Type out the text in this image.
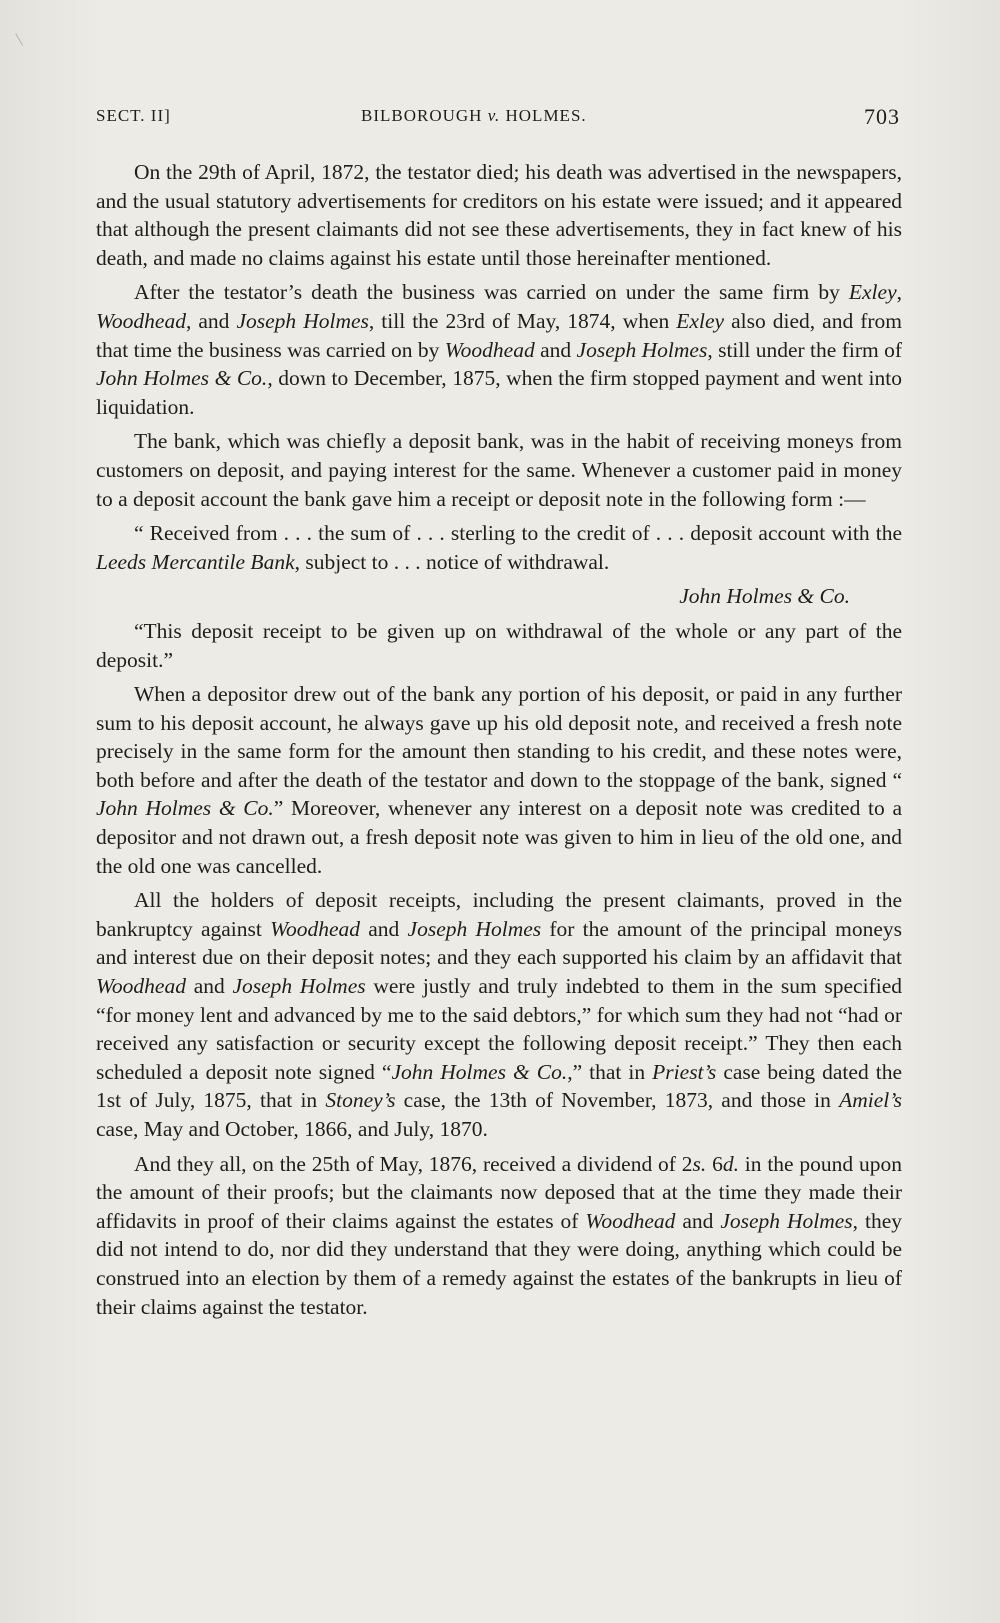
SECT. II]	BILBOROUGH v. HOLMES.	703

On the 29th of April, 1872, the testator died; his death was advertised in the newspapers, and the usual statutory advertisements for creditors on his estate were issued; and it appeared that although the present claimants did not see these advertisements, they in fact knew of his death, and made no claims against his estate until those hereinafter mentioned.

After the testator’s death the business was carried on under the same firm by Exley, Woodhead, and Joseph Holmes, till the 23rd of May, 1874, when Exley also died, and from that time the business was carried on by Woodhead and Joseph Holmes, still under the firm of John Holmes & Co., down to December, 1875, when the firm stopped payment and went into liquidation.

The bank, which was chiefly a deposit bank, was in the habit of receiving moneys from customers on deposit, and paying interest for the same. Whenever a customer paid in money to a deposit account the bank gave him a receipt or deposit note in the following form :—

“ Received from . . . the sum of . . . sterling to the credit of . . . deposit account with the Leeds Mercantile Bank, subject to . . . notice of withdrawal.

John Holmes & Co.

“This deposit receipt to be given up on withdrawal of the whole or any part of the deposit.”

When a depositor drew out of the bank any portion of his deposit, or paid in any further sum to his deposit account, he always gave up his old deposit note, and received a fresh note precisely in the same form for the amount then standing to his credit, and these notes were, both before and after the death of the testator and down to the stoppage of the bank, signed “ John Holmes & Co.” Moreover, whenever any interest on a deposit note was credited to a depositor and not drawn out, a fresh deposit note was given to him in lieu of the old one, and the old one was cancelled.

All the holders of deposit receipts, including the present claimants, proved in the bankruptcy against Woodhead and Joseph Holmes for the amount of the principal moneys and interest due on their deposit notes; and they each supported his claim by an affidavit that Woodhead and Joseph Holmes were justly and truly indebted to them in the sum specified “for money lent and advanced by me to the said debtors,” for which sum they had not “had or received any satisfaction or security except the following deposit receipt.” They then each scheduled a deposit note signed “John Holmes & Co.,” that in Priest’s case being dated the 1st of July, 1875, that in Stoney’s case, the 13th of November, 1873, and those in Amiel’s case, May and October, 1866, and July, 1870.

And they all, on the 25th of May, 1876, received a dividend of 2s. 6d. in the pound upon the amount of their proofs; but the claimants now deposed that at the time they made their affidavits in proof of their claims against the estates of Woodhead and Joseph Holmes, they did not intend to do, nor did they understand that they were doing, anything which could be construed into an election by them of a remedy against the estates of the bankrupts in lieu of their claims against the testator.
